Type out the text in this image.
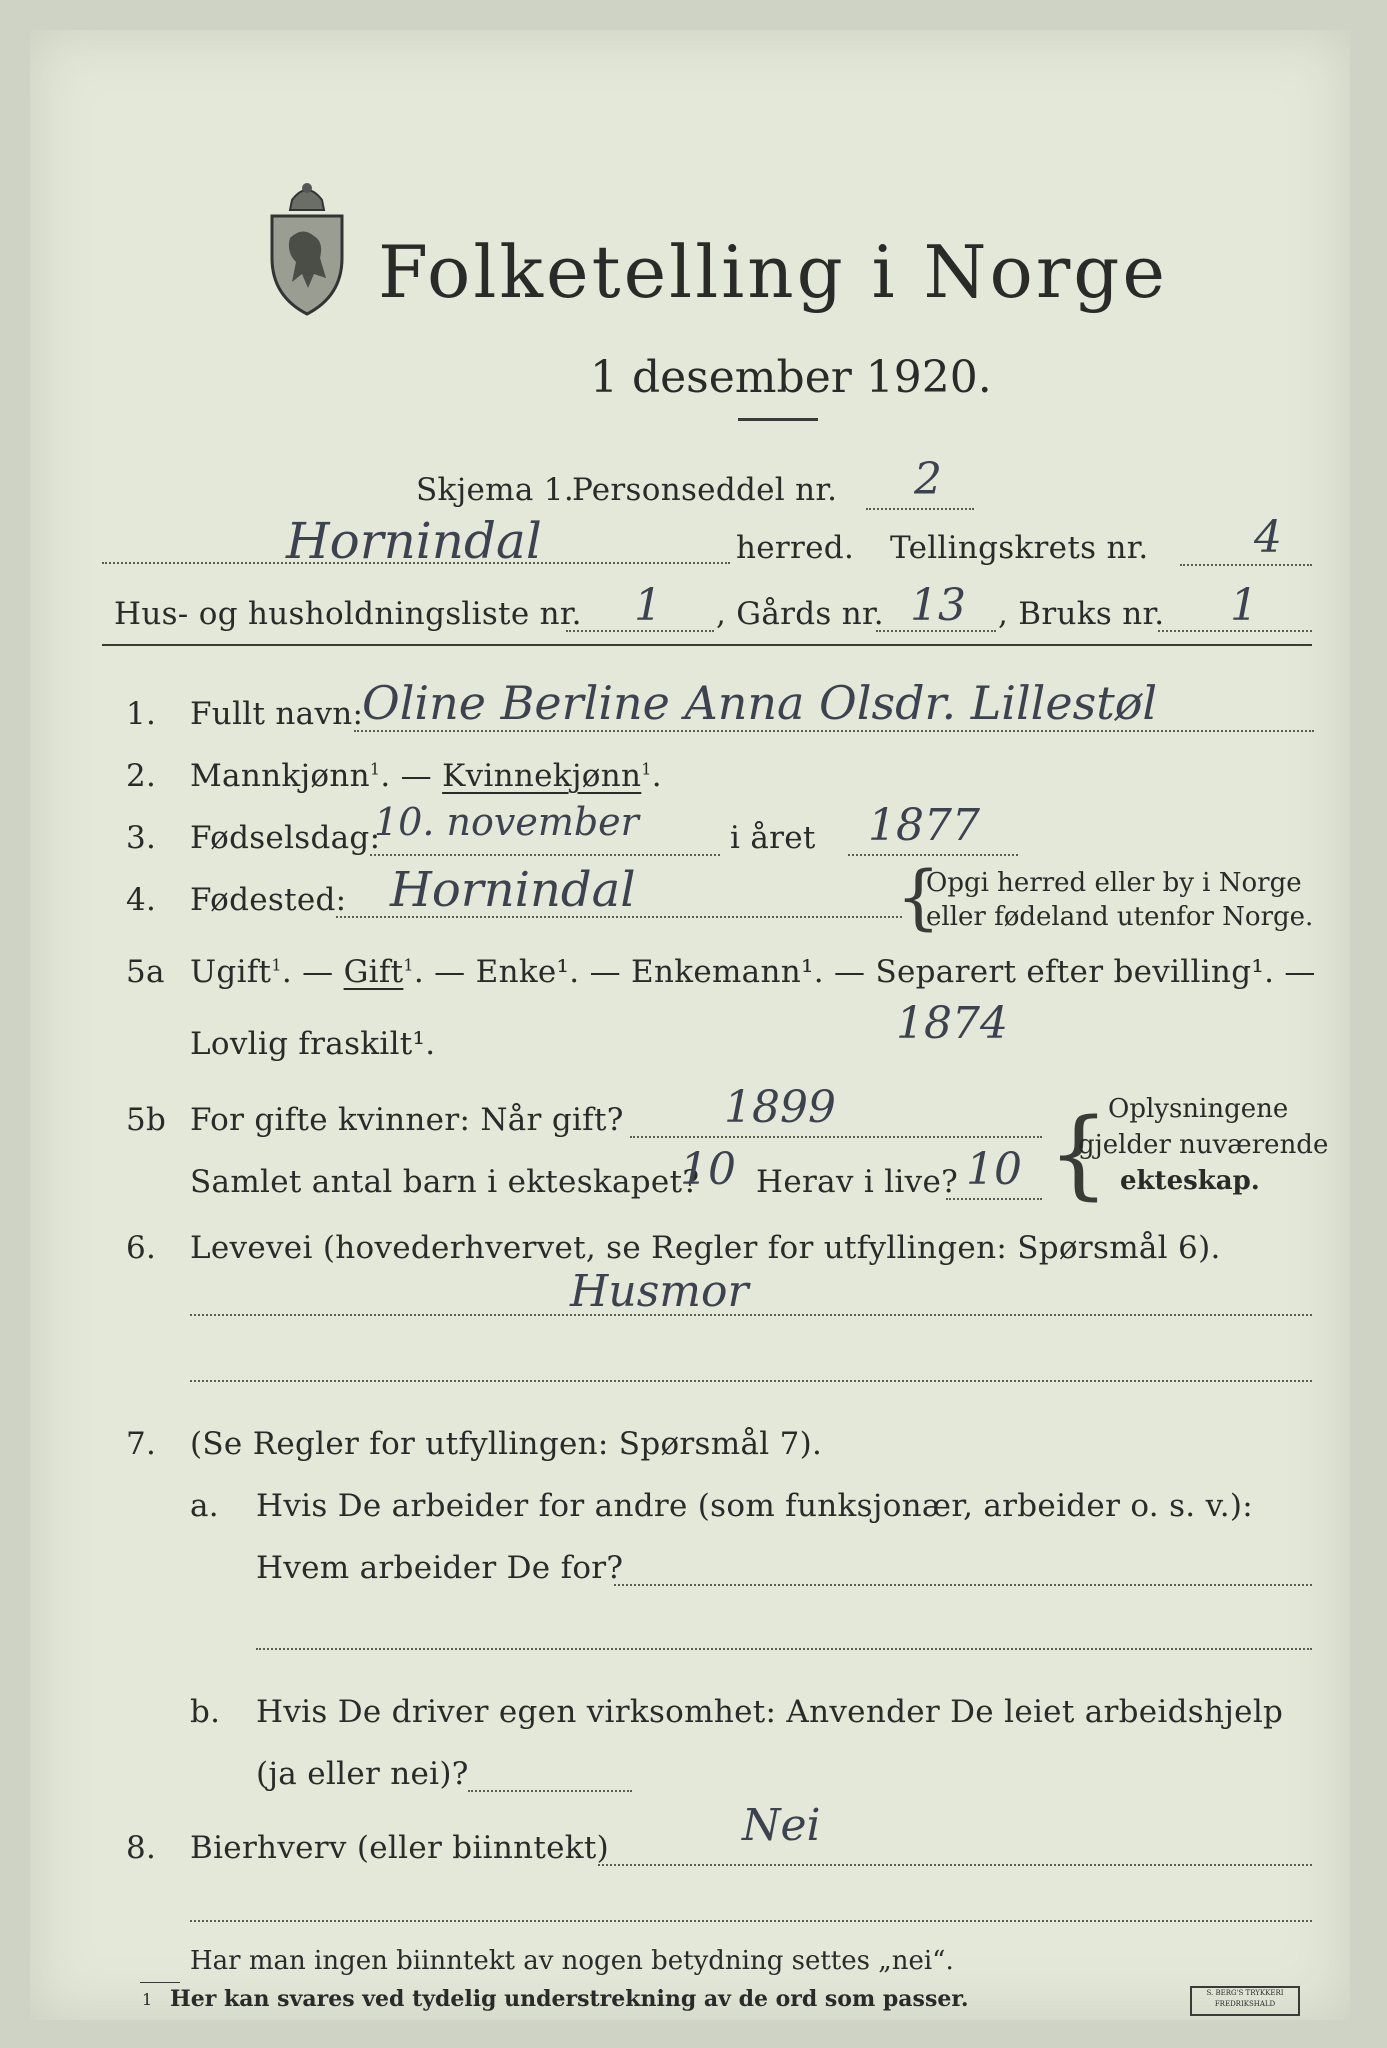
Folketelling i Norge
1 desember 1920.
Skjema 1.
Personseddel nr. 2
Hornindal	herred. Tellingskrets nr. 4
Hus- og husholdningsliste nr. 1 , Gårds nr. 13 , Bruks nr. 1
1. Fullt navn:
Oline Berline Anna Olsdr. Lillestøl
2. Mannkjønn$^1$. — Kvinnekjønn$^1$.
3. Fødselsdag:
10. november	i året 1877
4. Fødested: Hornindal	{
Opgi herred eller by i Norge
eller fødeland utenfor Norge.
5a Ugift$^1$. — Gift$^1$. — Enke¹. — Enkemann¹. — Separert efter bevilling¹. —
Lovlig fraskilt¹.	1874
5b For gifte kvinner: Når gift? 1899
Samlet antal barn i ekteskapet?
10 Herav i live? 10 {
Oplysningene
gjelder nuværende
ekteskap.
6. Levevei (hovederhvervet, se Regler for utfyllingen: Spørsmål 6).
Husmor
7. (Se Regler for utfyllingen: Spørsmål 7).
a. Hvis De arbeider for andre (som funksjonær, arbeider o. s. v.):
Hvem arbeider De for?
b. Hvis De driver egen virksomhet: Anvender De leiet arbeidshjelp
(ja eller nei)?
8. Bierhverv (eller biinntekt)	Nei
Har man ingen biinntekt av nogen betydning settes „nei“.
1 Her kan svares ved tydelig understrekning av de ord som passer.	S. BERG'S TRYKKERI FREDRIKSHALD
